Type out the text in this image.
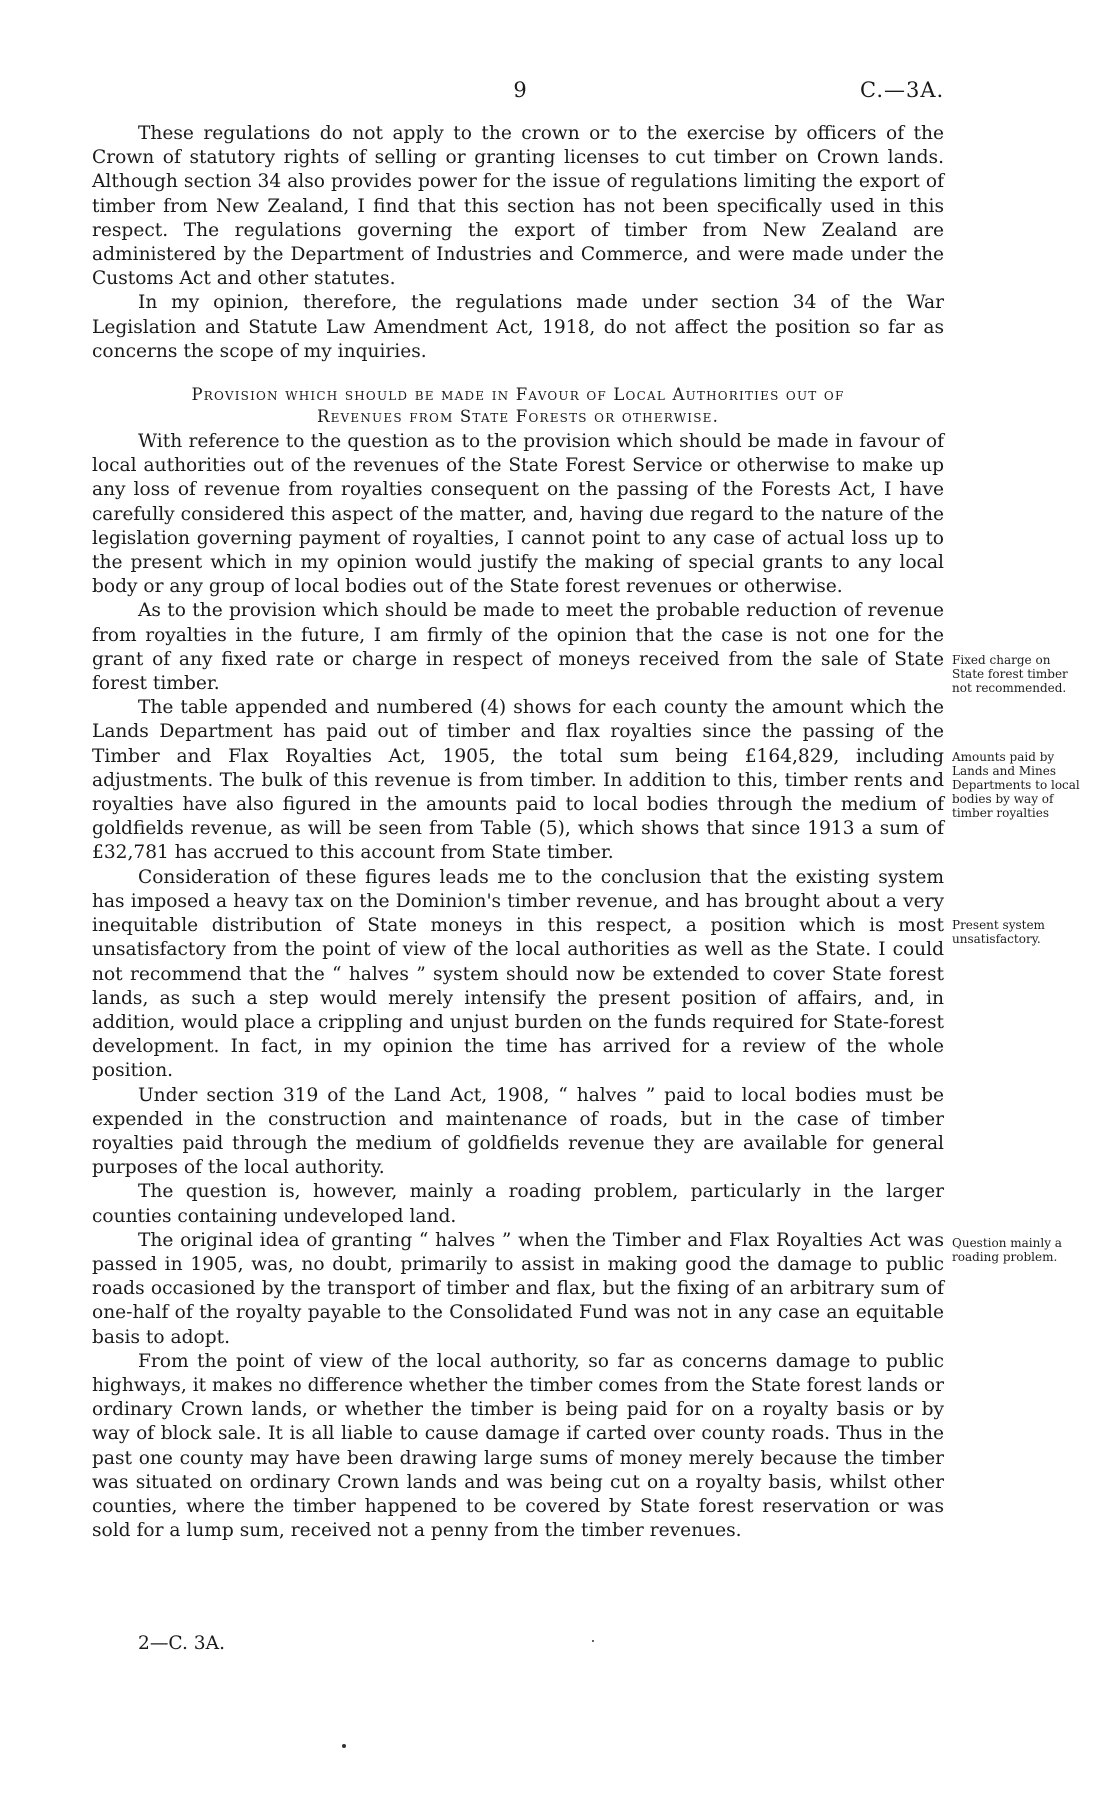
9	C.—3A.

These regulations do not apply to the crown or to the exercise by officers of the Crown of statutory rights of selling or granting licenses to cut timber on Crown lands. Although section 34 also provides power for the issue of regulations limiting the export of timber from New Zealand, I find that this section has not been specifically used in this respect. The regulations governing the export of timber from New Zealand are administered by the Department of Industries and Commerce, and were made under the Customs Act and other statutes.

In my opinion, therefore, the regulations made under section 34 of the War Legislation and Statute Law Amendment Act, 1918, do not affect the position so far as concerns the scope of my inquiries.

Provision which should be made in Favour of Local Authorities out of
Revenues from State Forests or otherwise.

With reference to the question as to the provision which should be made in favour of local authorities out of the revenues of the State Forest Service or otherwise to make up any loss of revenue from royalties consequent on the passing of the Forests Act, I have carefully considered this aspect of the matter, and, having due regard to the nature of the legislation governing payment of royalties, I cannot point to any case of actual loss up to the present which in my opinion would justify the making of special grants to any local body or any group of local bodies out of the State forest revenues or otherwise.

As to the provision which should be made to meet the probable reduction of revenue from royalties in the future, I am firmly of the opinion that the case is not one for the grant of any fixed rate or charge in respect of moneys received from the sale of State forest timber.

The table appended and numbered (4) shows for each county the amount which the Lands Department has paid out of timber and flax royalties since the passing of the Timber and Flax Royalties Act, 1905, the total sum being £164,829, including adjustments. The bulk of this revenue is from timber. In addition to this, timber rents and royalties have also figured in the amounts paid to local bodies through the medium of goldfields revenue, as will be seen from Table (5), which shows that since 1913 a sum of £32,781 has accrued to this account from State timber.

Consideration of these figures leads me to the conclusion that the existing system has imposed a heavy tax on the Dominion's timber revenue, and has brought about a very inequitable distribution of State moneys in this respect, a position which is most unsatisfactory from the point of view of the local authorities as well as the State. I could not recommend that the “ halves ” system should now be extended to cover State forest lands, as such a step would merely intensify the present position of affairs, and, in addition, would place a crippling and unjust burden on the funds required for State-forest development. In fact, in my opinion the time has arrived for a review of the whole position.

Under section 319 of the Land Act, 1908, “ halves ” paid to local bodies must be expended in the construction and maintenance of roads, but in the case of timber royalties paid through the medium of goldfields revenue they are available for general purposes of the local authority.

The question is, however, mainly a roading problem, particularly in the larger counties containing undeveloped land.

The original idea of granting “ halves ” when the Timber and Flax Royalties Act was passed in 1905, was, no doubt, primarily to assist in making good the damage to public roads occasioned by the transport of timber and flax, but the fixing of an arbitrary sum of one-half of the royalty payable to the Consolidated Fund was not in any case an equitable basis to adopt.

From the point of view of the local authority, so far as concerns damage to public highways, it makes no difference whether the timber comes from the State forest lands or ordinary Crown lands, or whether the timber is being paid for on a royalty basis or by way of block sale. It is all liable to cause damage if carted over county roads. Thus in the past one county may have been drawing large sums of money merely because the timber was situated on ordinary Crown lands and was being cut on a royalty basis, whilst other counties, where the timber happened to be covered by State forest reservation or was sold for a lump sum, received not a penny from the timber revenues.

Fixed charge on State forest timber not recommended.
Amounts paid by Lands and Mines Departments to local bodies by way of timber royalties
Present system unsatisfactory.
Question mainly a roading problem.
2—C. 3A.
